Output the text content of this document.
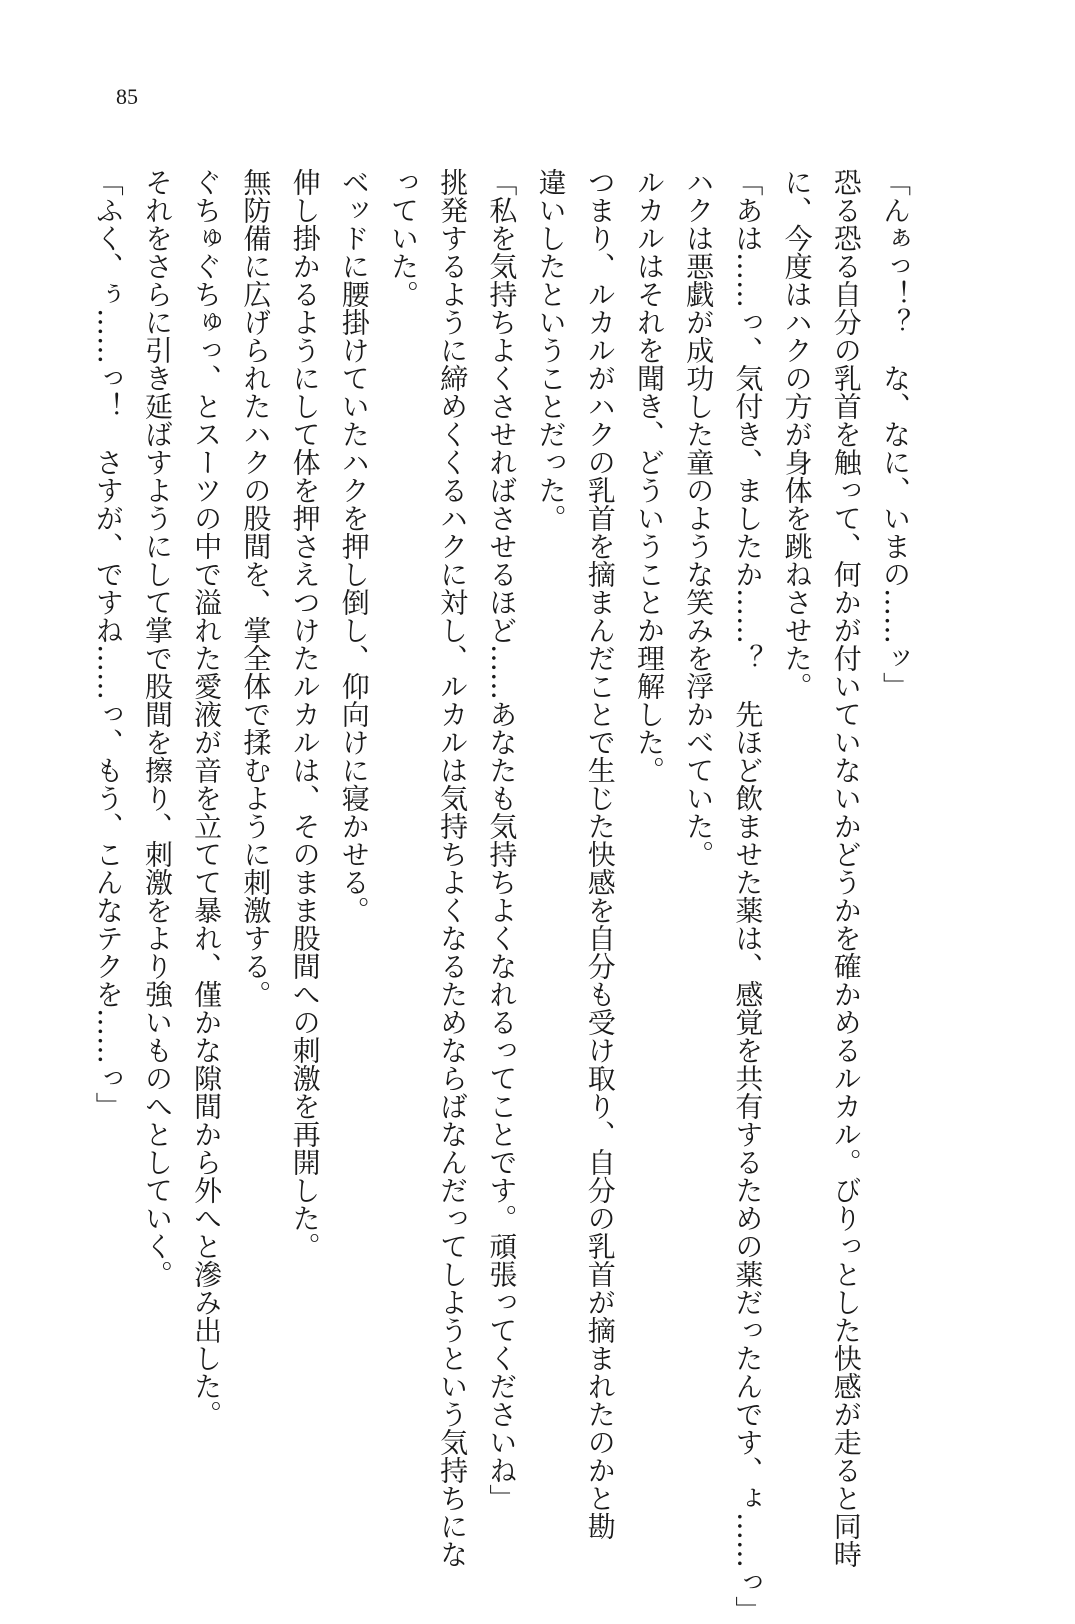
85
「んぁっ！？　な、なに、いまの……ッ」
恐る恐る自分の乳首を触って、何かが付いていないかどうかを確かめるルカル。びりっとした快感が走ると同時
に、今度はハクの方が身体を跳ねさせた。
「あは……っ、気付き、ましたか……？　先ほど飲ませた薬は、感覚を共有するための薬だったんです、ょ……っ」
ハクは悪戯が成功した童のような笑みを浮かべていた。
ルカルはそれを聞き、どういうことか理解した。
つまり、ルカルがハクの乳首を摘まんだことで生じた快感を自分も受け取り、自分の乳首が摘まれたのかと勘
違いしたということだった。
「私を気持ちよくさせればさせるほど……あなたも気持ちよくなれるってことです。頑張ってくださいね」
挑発するように締めくくるハクに対し、ルカルは気持ちよくなるためならばなんだってしようという気持ちにな
っていた。
ベッドに腰掛けていたハクを押し倒し、仰向けに寝かせる。
伸し掛かるようにして体を押さえつけたルカルは、そのまま股間への刺激を再開した。
無防備に広げられたハクの股間を、掌全体で揉むように刺激する。
ぐちゅぐちゅっ、とスーツの中で溢れた愛液が音を立てて暴れ、僅かな隙間から外へと滲み出した。
それをさらに引き延ばすようにして掌で股間を擦り、刺激をより強いものへとしていく。
「ふく、ぅ……っ！　さすが、ですね……っ、もう、こんなテクを……っ」
